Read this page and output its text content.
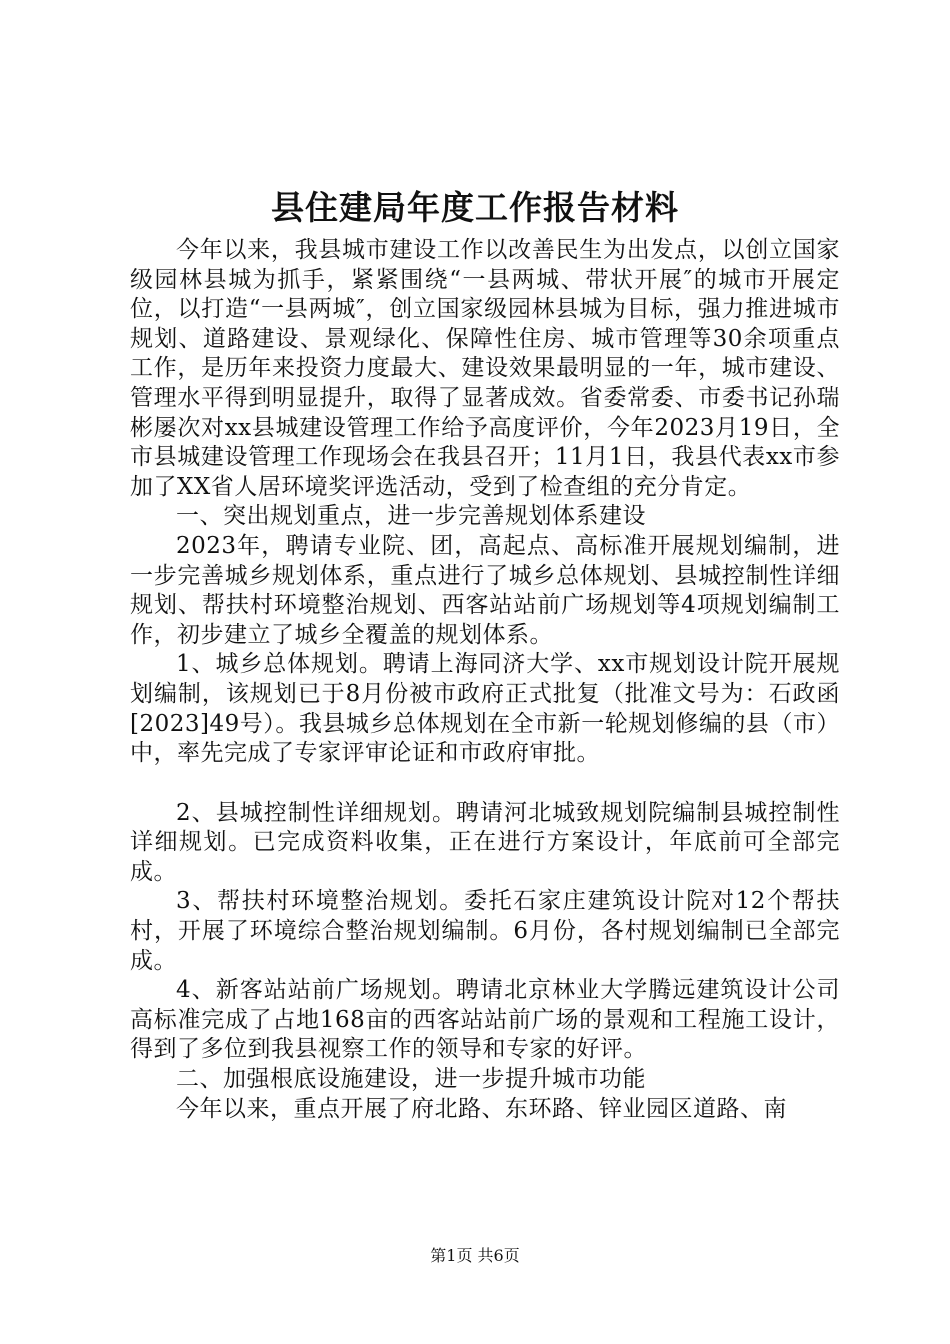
县住建局年度工作报告材料

今年以来，我县城市建设工作以改善民生为出发点，以创立国家级园林县城为抓手，紧紧围绕“一县两城、带状开展″的城市开展定位，以打造“一县两城″，创立国家级园林县城为目标，强力推进城市规划、道路建设、景观绿化、保障性住房、城市管理等30余项重点工作，是历年来投资力度最大、建设效果最明显的一年，城市建设、管理水平得到明显提升，取得了显著成效。省委常委、市委书记孙瑞彬屡次对xx县城建设管理工作给予高度评价，今年2023月19日，全市县城建设管理工作现场会在我县召开；11月1日，我县代表xx市参加了XX省人居环境奖评选活动，受到了检查组的充分肯定。

一、突出规划重点，进一步完善规划体系建设

2023年，聘请专业院、团，高起点、高标准开展规划编制，进一步完善城乡规划体系，重点进行了城乡总体规划、县城控制性详细规划、帮扶村环境整治规划、西客站站前广场规划等4项规划编制工作，初步建立了城乡全覆盖的规划体系。

1、城乡总体规划。聘请上海同济大学、xx市规划设计院开展规划编制，该规划已于8月份被市政府正式批复（批准文号为：石政函[2023]49号）。我县城乡总体规划在全市新一轮规划修编的县（市）中，率先完成了专家评审论证和市政府审批。

2、县城控制性详细规划。聘请河北城致规划院编制县城控制性详细规划。已完成资料收集，正在进行方案设计，年底前可全部完成。

3、帮扶村环境整治规划。委托石家庄建筑设计院对12个帮扶村，开展了环境综合整治规划编制。6月份，各村规划编制已全部完成。

4、新客站站前广场规划。聘请北京林业大学腾远建筑设计公司高标准完成了占地168亩的西客站站前广场的景观和工程施工设计，得到了多位到我县视察工作的领导和专家的好评。

二、加强根底设施建设，进一步提升城市功能

今年以来，重点开展了府北路、东环路、锌业园区道路、南

第1页 共6页
